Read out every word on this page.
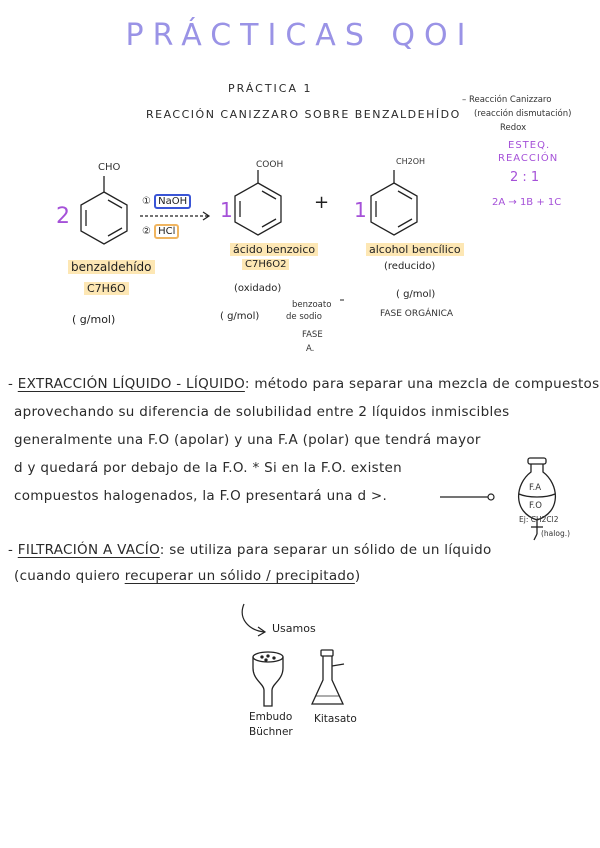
PRÁCTICAS QOI
PRÁCTICA 1
REACCIÓN CANIZZARO SOBRE BENZALDEHÍDO
– Reacción Canizzaro
(reacción dismutación)
Redox
ESTEQ.
REACCIÓN
2 : 1
2A → 1B + 1C
2
CHO
benzaldehído
C7H6O
( g/mol)
① NaOH
② HCl
1
COOH
ácido benzoico
C7H6O2
(oxidado)
( g/mol)
benzoato
de sodio
FASE
A.
+ 1
CH2OH
alcohol bencílico
(reducido)
( g/mol)
FASE ORGÁNICA
- EXTRACCIÓN LÍQUIDO - LÍQUIDO: método para separar una mezcla de compuestos
aprovechando su diferencia de solubilidad entre 2 líquidos inmiscibles
generalmente una F.O (apolar) y una F.A (polar) que tendrá mayor
d y quedará por debajo de la F.O. * Si en la F.O. existen
compuestos halogenados, la F.O presentará una d >.	F.A
F.O
Ej: CH2Cl2
(halog.)
- FILTRACIÓN A VACÍO: se utiliza para separar un sólido de un líquido
(cuando quiero recuperar un sólido / precipitado)
Usamos
Embudo
Büchner
Kitasato
